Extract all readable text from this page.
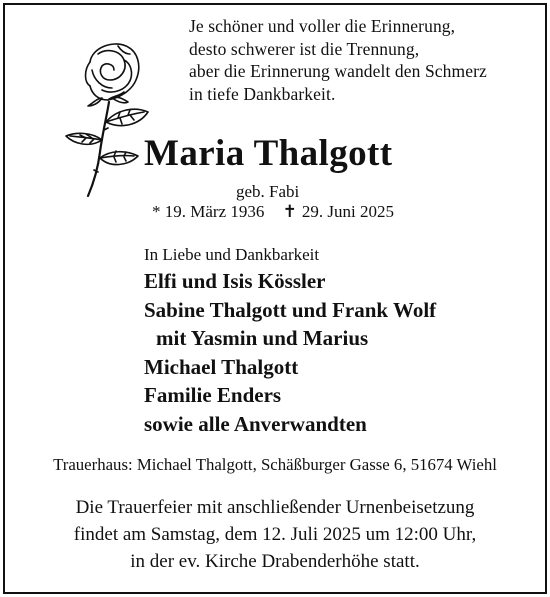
Je schöner und voller die Erinnerung,
desto schwerer ist die Trennung,
aber die Erinnerung wandelt den Schmerz
in tiefe Dankbarkeit.
Maria Thalgott
geb. Fabi
* 19. März 1936 ✝ 29. Juni 2025
In Liebe und Dankbarkeit
Elfi und Isis Kössler
Sabine Thalgott und Frank Wolf
mit Yasmin und Marius
Michael Thalgott
Familie Enders
sowie alle Anverwandten
Trauerhaus: Michael Thalgott, Schäßburger Gasse 6, 51674 Wiehl
Die Trauerfeier mit anschließender Urnenbeisetzung
findet am Samstag, dem 12. Juli 2025 um 12:00 Uhr,
in der ev. Kirche Drabenderhöhe statt.
